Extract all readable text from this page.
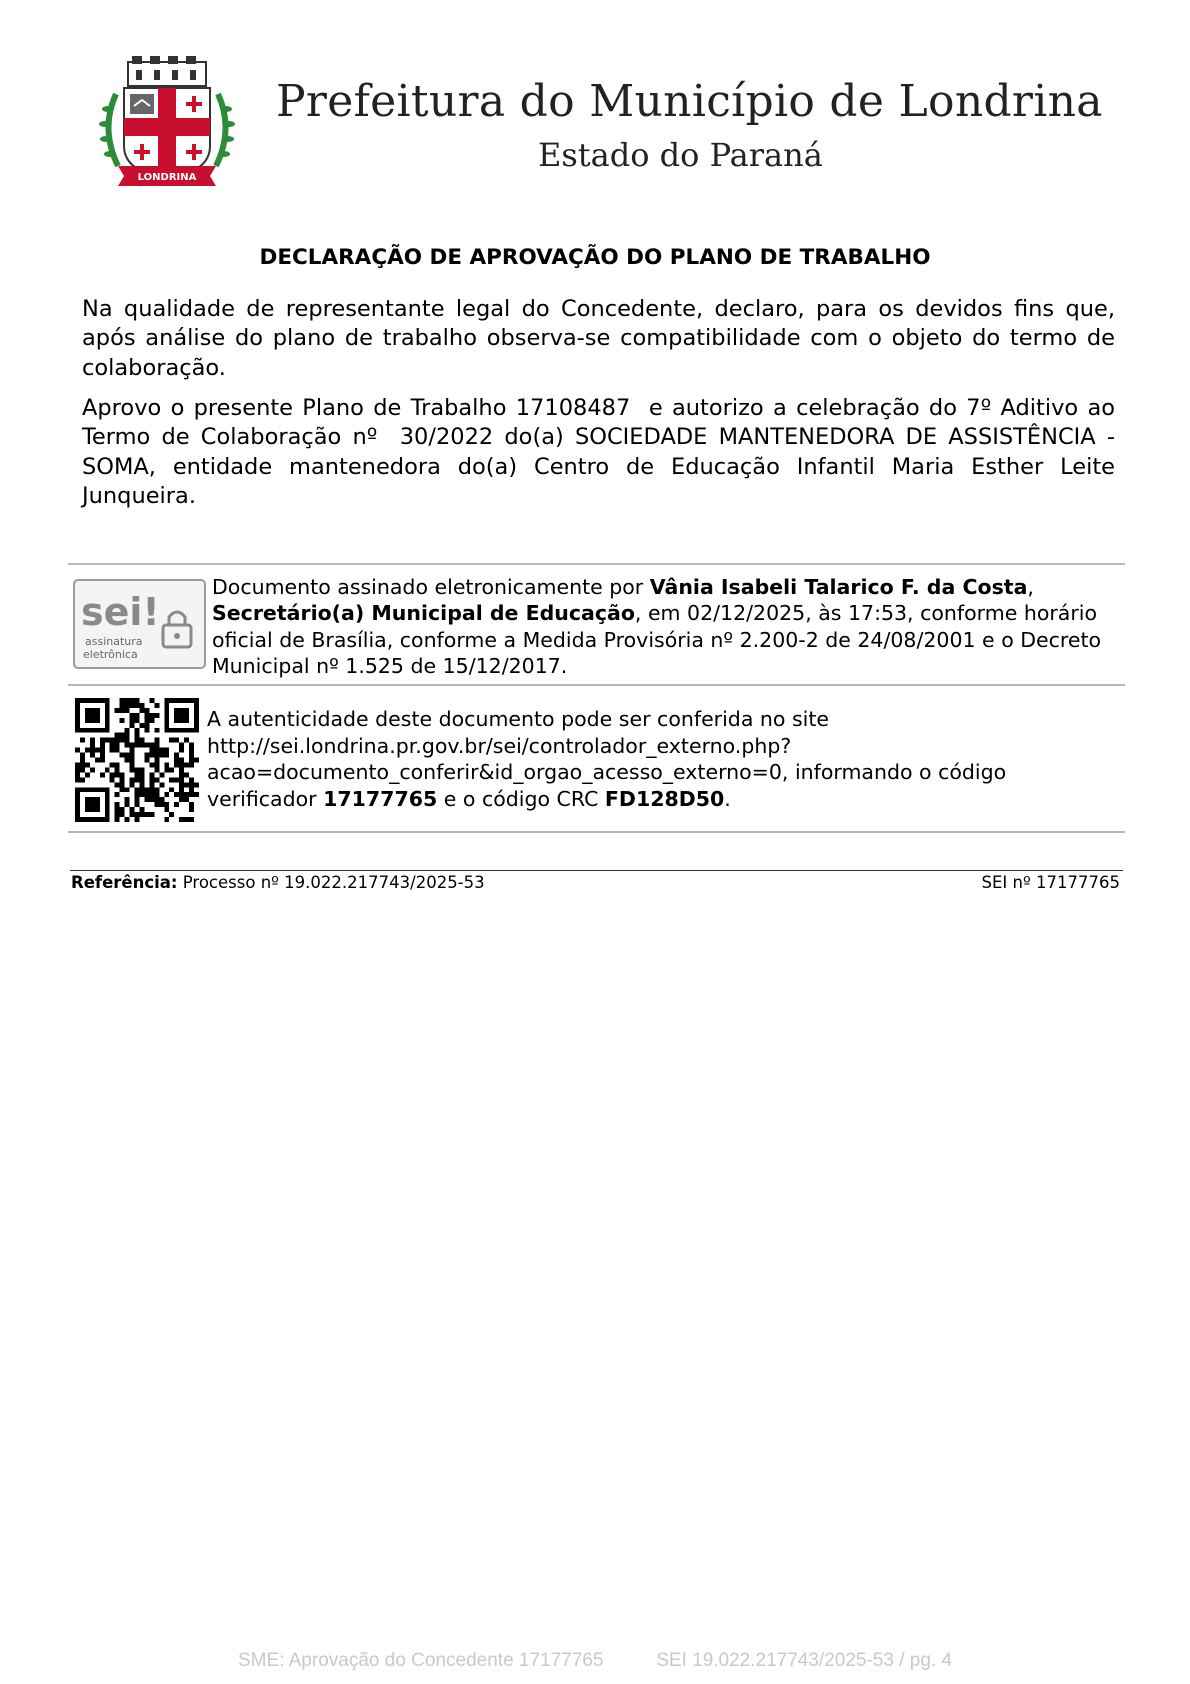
LONDRINA
Prefeitura do Município de Londrina
Estado do Paraná
DECLARAÇÃO DE APROVAÇÃO DO PLANO DE TRABALHO
Na qualidade de representante legal do Concedente, declaro, para os devidos fins que, após análise do plano de trabalho observa-se compatibilidade com o objeto do termo de colaboração.
Aprovo o presente Plano de Trabalho 17108487  e autorizo a celebração do 7º Aditivo ao Termo de Colaboração nº  30/2022 do(a) SOCIEDADE MANTENEDORA DE ASSISTÊNCIA - SOMA, entidade mantenedora do(a) Centro de Educação Infantil Maria Esther Leite Junqueira.
sei!
assinatura
eletrônica
Documento assinado eletronicamente por Vânia Isabeli Talarico F. da Costa, Secretário(a) Municipal de Educação, em 02/12/2025, às 17:53, conforme horário oficial de Brasília, conforme a Medida Provisória nº 2.200-2 de 24/08/2001 e o Decreto Municipal nº 1.525 de 15/12/2017.
A autenticidade deste documento pode ser conferida no site
http://sei.londrina.pr.gov.br/sei/controlador_externo.php?
acao=documento_conferir&id_orgao_acesso_externo=0, informando o código verificador 17177765 e o código CRC FD128D50.
Referência: Processo nº 19.022.217743/2025-53	SEI nº 17177765
SME: Aprovação do Concedente 17177765          SEI 19.022.217743/2025-53 / pg. 4
